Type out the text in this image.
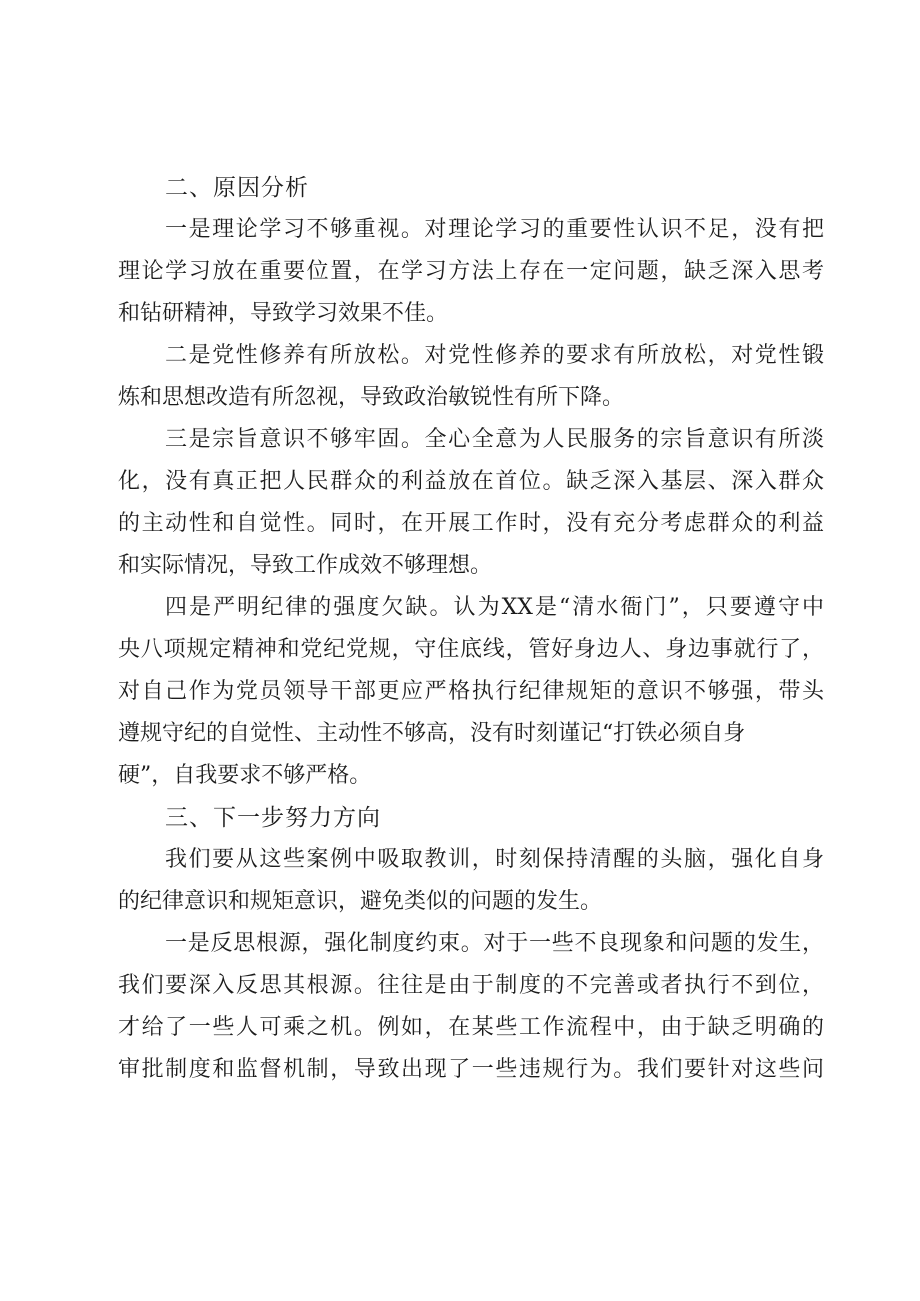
二、原因分析
一是理论学习不够重视。对理论学习的重要性认识不足，没有把
理论学习放在重要位置，在学习方法上存在一定问题，缺乏深入思考
和钻研精神，导致学习效果不佳。
二是党性修养有所放松。对党性修养的要求有所放松，对党性锻
炼和思想改造有所忽视，导致政治敏锐性有所下降。
三是宗旨意识不够牢固。全心全意为人民服务的宗旨意识有所淡
化，没有真正把人民群众的利益放在首位。缺乏深入基层、深入群众
的主动性和自觉性。同时，在开展工作时，没有充分考虑群众的利益
和实际情况，导致工作成效不够理想。
四是严明纪律的强度欠缺。认为XX是“清水衙门”，只要遵守中
央八项规定精神和党纪党规，守住底线，管好身边人、身边事就行了，
对自己作为党员领导干部更应严格执行纪律规矩的意识不够强，带头
遵规守纪的自觉性、主动性不够高，没有时刻谨记“打铁必须自身
硬”，自我要求不够严格。
三、下一步努力方向
我们要从这些案例中吸取教训，时刻保持清醒的头脑，强化自身
的纪律意识和规矩意识，避免类似的问题的发生。
一是反思根源，强化制度约束。对于一些不良现象和问题的发生，
我们要深入反思其根源。往往是由于制度的不完善或者执行不到位，
才给了一些人可乘之机。例如，在某些工作流程中，由于缺乏明确的
审批制度和监督机制，导致出现了一些违规行为。我们要针对这些问
